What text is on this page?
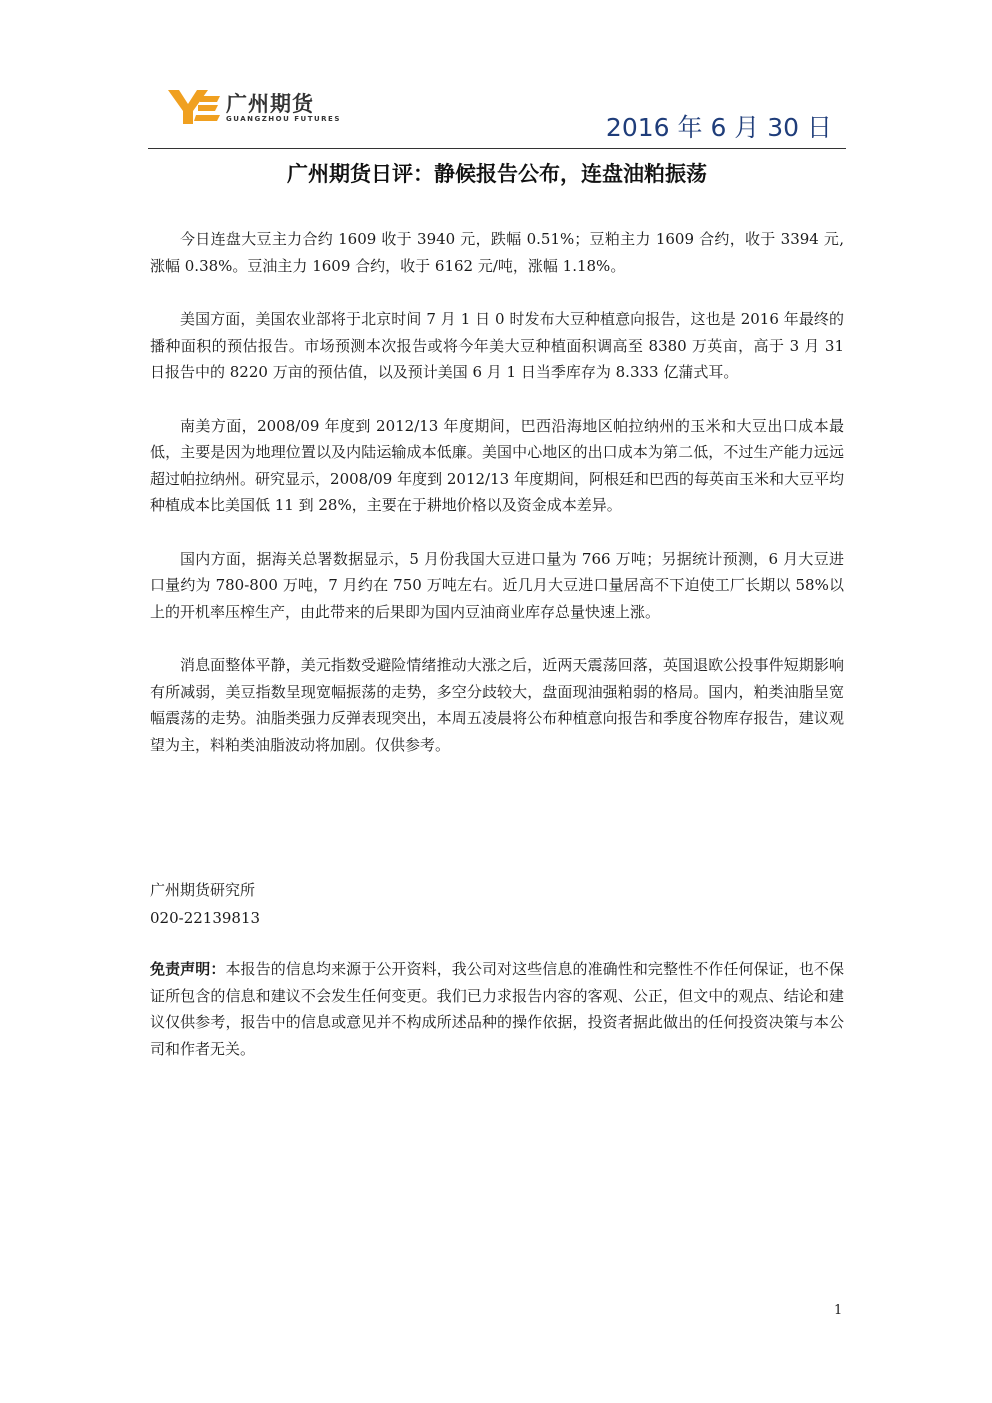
广州期货
GUANGZHOU FUTURES	2016 年 6 月 30 日
广州期货日评：静候报告公布，连盘油粕振荡

今日连盘大豆主力合约 1609 收于 3940 元，跌幅 0.51%；豆粕主力 1609 合约，收于 3394 元, 涨幅 0.38%。豆油主力 1609 合约，收于 6162 元/吨，涨幅 1.18%。

美国方面，美国农业部将于北京时间 7 月 1 日 0 时发布大豆种植意向报告，这也是 2016 年最终的播种面积的预估报告。市场预测本次报告或将今年美大豆种植面积调高至 8380 万英亩，高于 3 月 31 日报告中的 8220 万亩的预估值，以及预计美国 6 月 1 日当季库存为 8.333 亿蒲式耳。

南美方面，2008/09 年度到 2012/13 年度期间，巴西沿海地区帕拉纳州的玉米和大豆出口成本最低，主要是因为地理位置以及内陆运输成本低廉。美国中心地区的出口成本为第二低，不过生产能力远远超过帕拉纳州。研究显示，2008/09 年度到 2012/13 年度期间，阿根廷和巴西的每英亩玉米和大豆平均种植成本比美国低 11 到 28%，主要在于耕地价格以及资金成本差异。

国内方面，据海关总署数据显示，5 月份我国大豆进口量为 766 万吨；另据统计预测，6 月大豆进口量约为 780-800 万吨，7 月约在 750 万吨左右。近几月大豆进口量居高不下迫使工厂长期以 58%以上的开机率压榨生产，由此带来的后果即为国内豆油商业库存总量快速上涨。

消息面整体平静，美元指数受避险情绪推动大涨之后，近两天震荡回落，英国退欧公投事件短期影响有所减弱，美豆指数呈现宽幅振荡的走势，多空分歧较大，盘面现油强粕弱的格局。国内，粕类油脂呈宽幅震荡的走势。油脂类强力反弹表现突出，本周五凌晨将公布种植意向报告和季度谷物库存报告，建议观望为主，料粕类油脂波动将加剧。仅供参考。

广州期货研究所
020-22139813
免责声明：本报告的信息均来源于公开资料，我公司对这些信息的准确性和完整性不作任何保证，也不保证所包含的信息和建议不会发生任何变更。我们已力求报告内容的客观、公正，但文中的观点、结论和建议仅供参考，报告中的信息或意见并不构成所述品种的操作依据，投资者据此做出的任何投资决策与本公司和作者无关。
1
